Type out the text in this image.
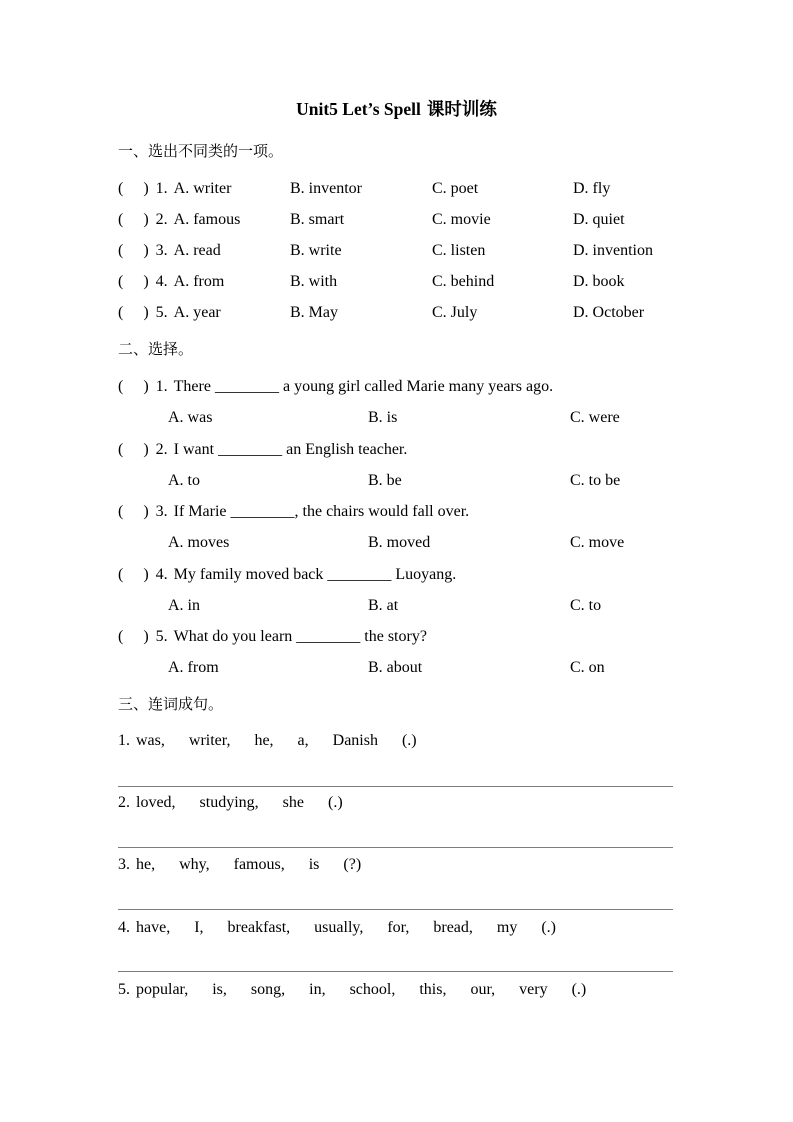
Unit5 Let’s Spell 课时训练
一、选出不同类的一项。
(     ) 1. A. writer	B. inventor	C. poet	D. fly
(     ) 2. A. famous	B. smart	C. movie	D. quiet
(     ) 3. A. read	B. write	C. listen	D. invention
(     ) 4. A. from	B. with	C. behind	D. book
(     ) 5. A. year	B. May	C. July	D. October
二、选择。
(     ) 1. There ________ a young girl called Marie many years ago.
A. was	B. is	C. were
(     ) 2. I want ________ an English teacher.
A. to	B. be	C. to be
(     ) 3. If Marie ________, the chairs would fall over.
A. moves	B. moved	C. move
(     ) 4. My family moved back ________ Luoyang.
A. in	B. at	C. to
(     ) 5. What do you learn ________ the story?
A. from	B. about	C. on
三、连词成句。
1. was,      writer,      he,      a,      Danish      (.)
2. loved,      studying,      she      (.)
3. he,      why,      famous,      is      (?)
4. have,      I,      breakfast,      usually,      for,      bread,      my      (.)
5. popular,      is,      song,      in,      school,      this,      our,      very      (.)
